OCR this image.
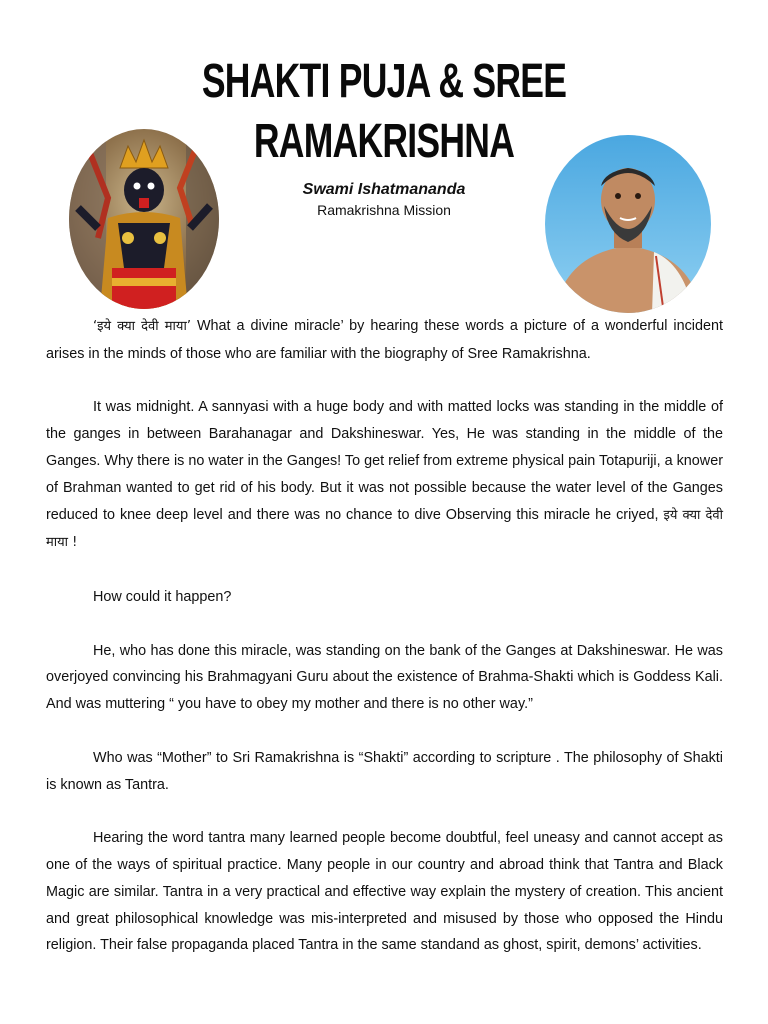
SHAKTI PUJA & SREE RAMAKRISHNA
Swami Ishatmananda
Ramakrishna Mission

‘इये क्या देवी माया’ What a divine miracle’ by hearing these words a picture of a wonderful incident arises in the minds of those who are familiar with the biography of Sree Ramakrishna.

It was midnight. A sannyasi with a huge body and with matted locks was standing in the middle of the ganges in between Barahanagar and Dakshineswar. Yes, He was standing in the middle of the Ganges. Why there is no water in the Ganges! To get relief from extreme physical pain Totapuriji, a knower of Brahman wanted to get rid of his body. But it was not possible because the water level of the Ganges reduced to knee deep level and there was no chance to dive Observing this miracle he criyed, इये क्या देवी माया !

How could it happen?

He, who has done this miracle, was standing on the bank of the Ganges at Dakshineswar. He was overjoyed convincing his Brahmagyani Guru about the existence of Brahma-Shakti which is Goddess Kali. And was muttering “ you have to obey my mother and there is no other way.”

Who was “Mother” to Sri Ramakrishna is “Shakti” according to scripture . The philosophy of Shakti is known as Tantra.

Hearing the word tantra many learned people become doubtful, feel uneasy and cannot accept as one of the ways of spiritual practice. Many people in our country and abroad think that Tantra and Black Magic are similar. Tantra in a very practical and effective way explain the mystery of creation. This ancient and great philosophical knowledge was mis-interpreted and misused by those who opposed the Hindu religion. Their false propaganda placed Tantra in the same standand as ghost, spirit, demons’ activities.
